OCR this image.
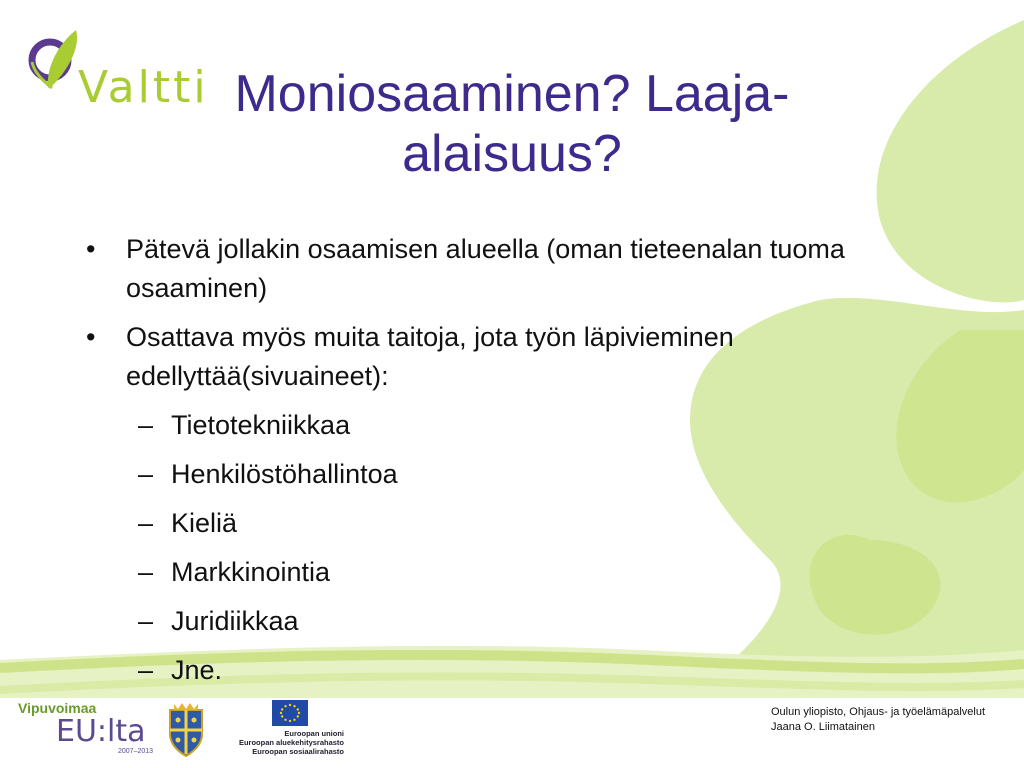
Valtti Moniosaaminen? Laaja-alaisuus?
• Pätevä jollakin osaamisen alueella (oman tieteenalan tuoma osaaminen)
• Osattava myös muita taitoja, jota työn läpivieminen edellyttää(sivuaineet):
– Tietotekniikkaa
– Henkilöstöhallintoa
– Kieliä
– Markkinointia
– Juridiikkaa
– Jne.
Vipuvoimaa
EU:lta
2007–2013
Euroopan unioni
Euroopan aluekehitysrahasto
Euroopan sosiaalirahasto
Oulun yliopisto, Ohjaus- ja työelämäpalvelut
Jaana O. Liimatainen
